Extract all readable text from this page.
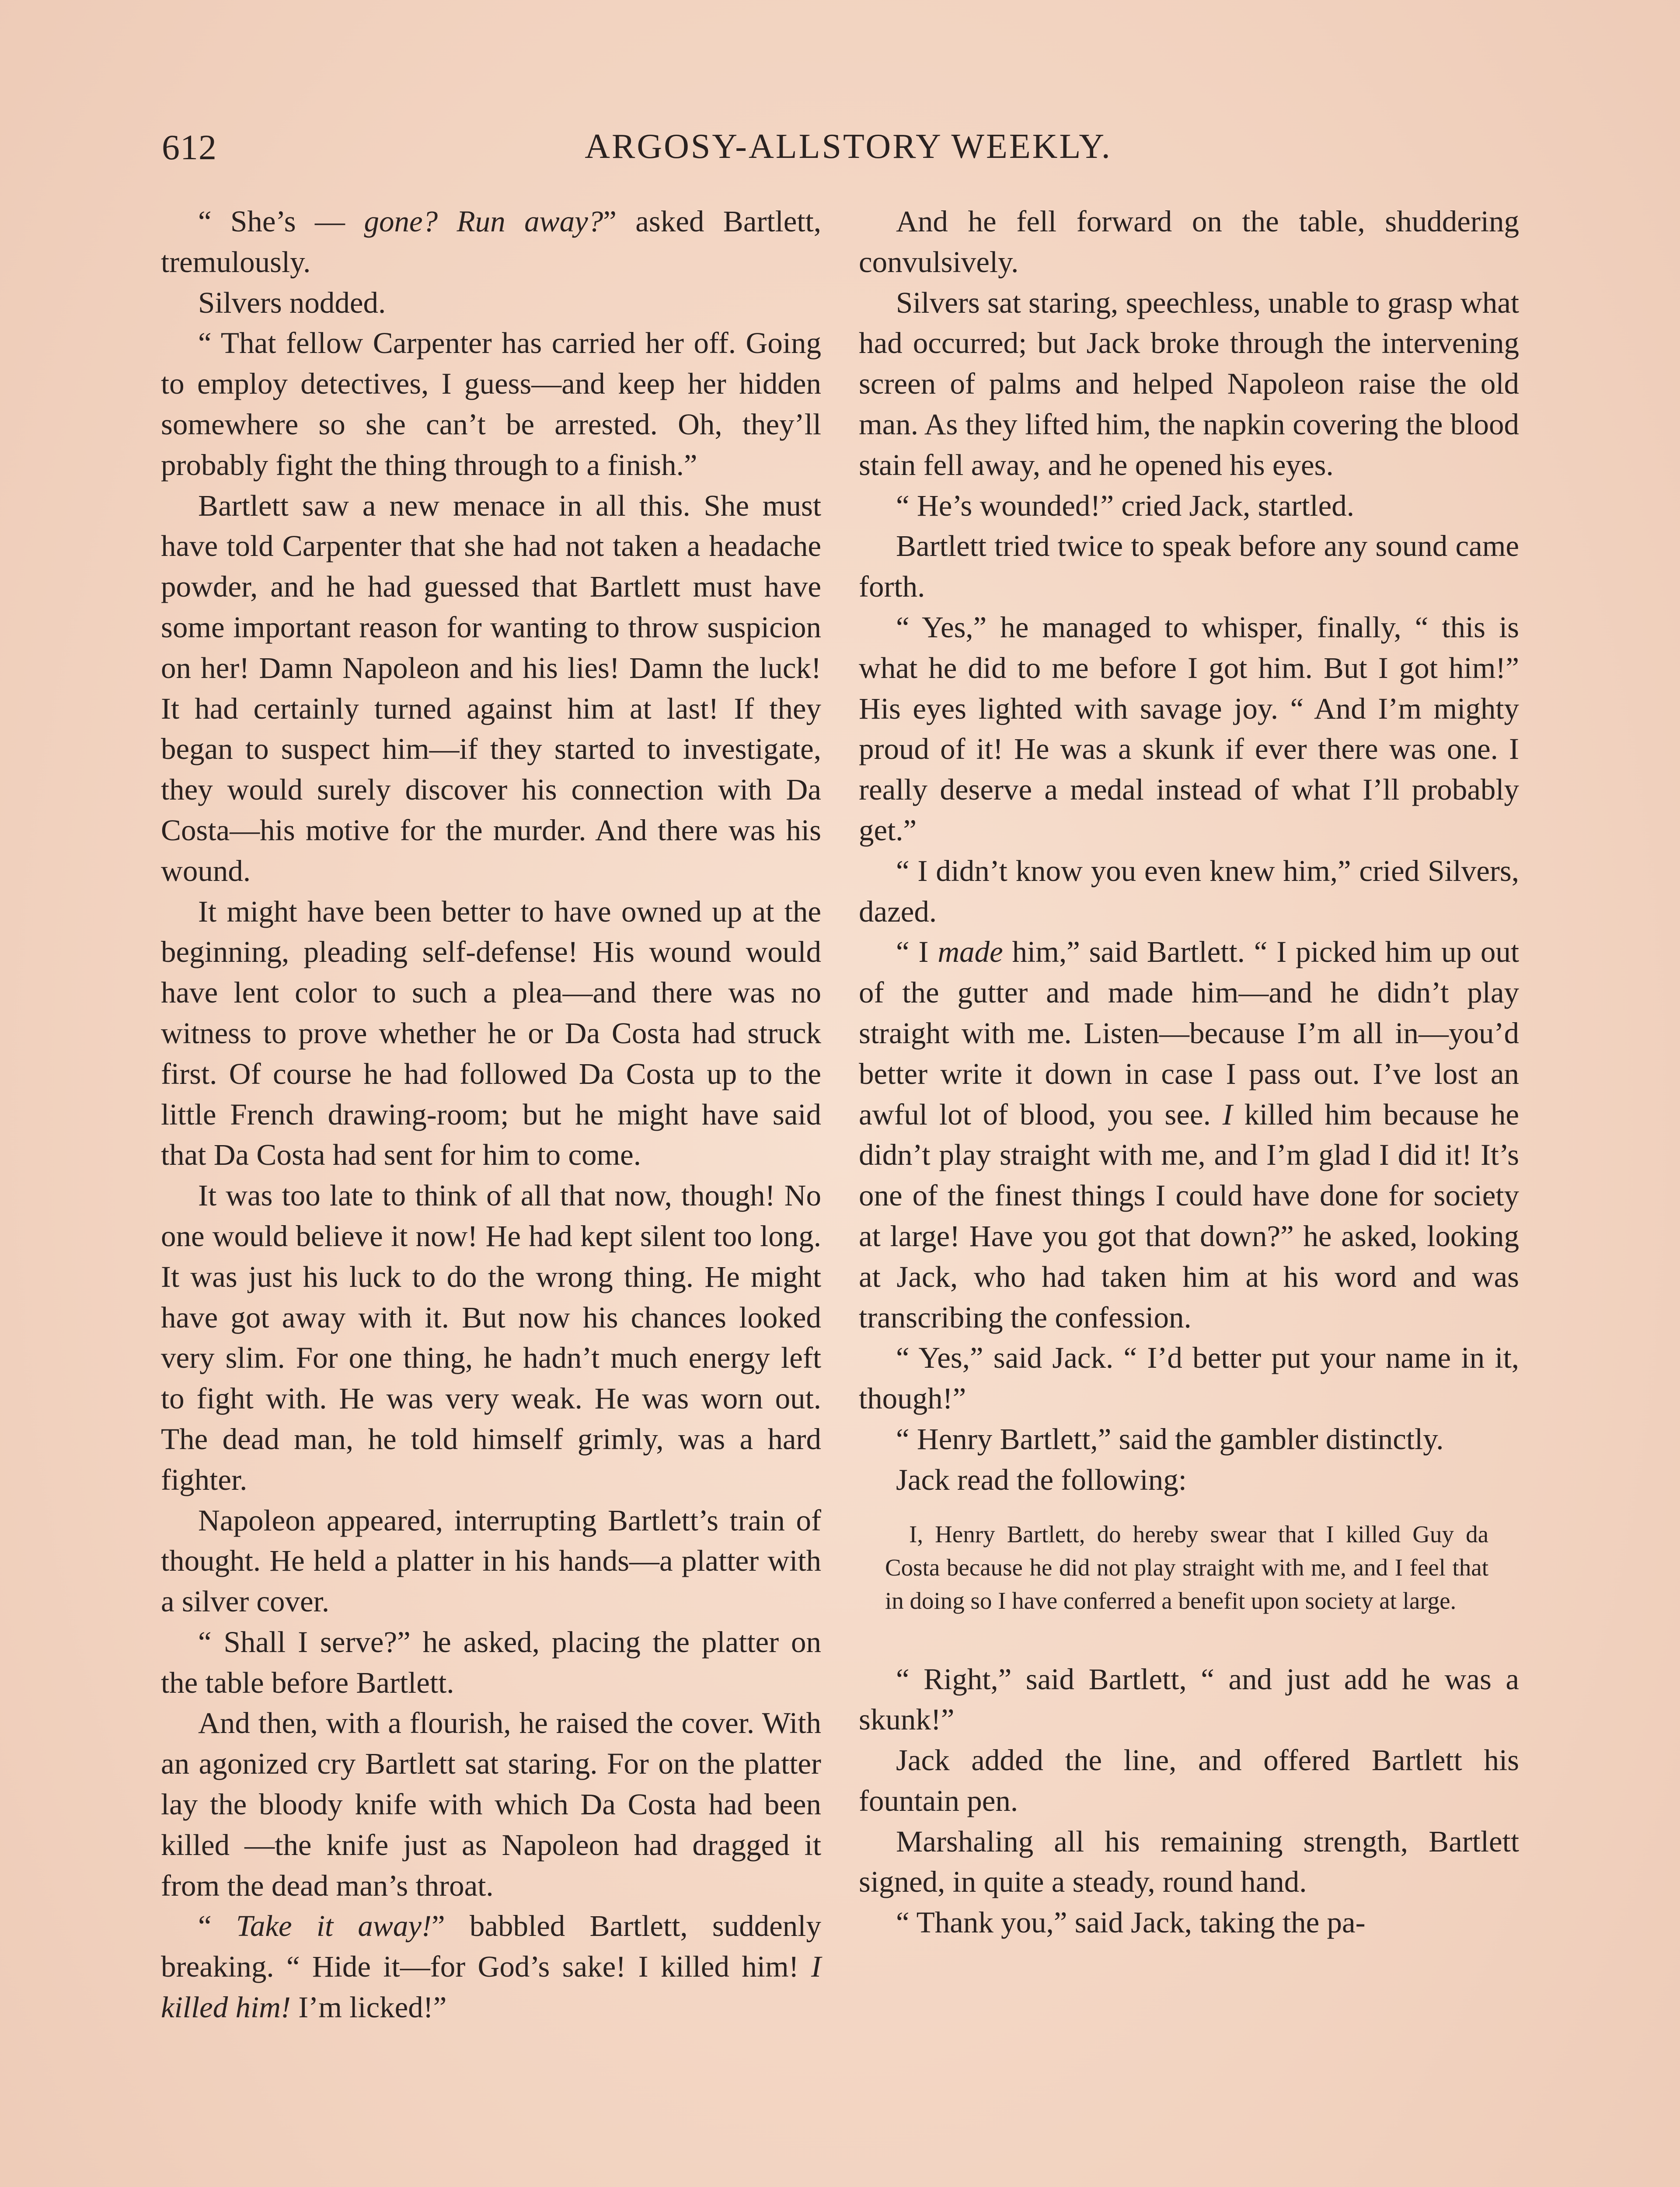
612	ARGOSY-ALLSTORY WEEKLY.

“ She’s — gone? Run away?” asked Bartlett, tremulously.

Silvers nodded.

“ That fellow Carpenter has carried her off. Going to employ detectives, I guess—and keep her hidden somewhere so she can’t be arrested. Oh, they’ll probably fight the thing through to a finish.”

Bartlett saw a new menace in all this. She must have told Carpenter that she had not taken a headache powder, and he had guessed that Bartlett must have some important reason for wanting to throw suspicion on her! Damn Napoleon and his lies! Damn the luck! It had certainly turned against him at last! If they began to suspect him—if they started to investigate, they would surely discover his connection with Da Costa—his motive for the murder. And there was his wound.

It might have been better to have owned up at the beginning, pleading self-defense! His wound would have lent color to such a plea—and there was no witness to prove whether he or Da Costa had struck first. Of course he had followed Da Costa up to the little French drawing-room; but he might have said that Da Costa had sent for him to come.

It was too late to think of all that now, though! No one would believe it now! He had kept silent too long. It was just his luck to do the wrong thing. He might have got away with it. But now his chances looked very slim. For one thing, he hadn’t much energy left to fight with. He was very weak. He was worn out. The dead man, he told himself grimly, was a hard fighter.

Napoleon appeared, interrupting Bartlett’s train of thought. He held a platter in his hands—a platter with a silver cover.

“ Shall I serve?” he asked, placing the platter on the table before Bartlett.

And then, with a flourish, he raised the cover. With an agonized cry Bartlett sat staring. For on the platter lay the bloody knife with which Da Costa had been killed —the knife just as Napoleon had dragged it from the dead man’s throat.

“ Take it away!” babbled Bartlett, suddenly breaking. “ Hide it—for God’s sake! I killed him! I killed him! I’m licked!”

And he fell forward on the table, shuddering convulsively.

Silvers sat staring, speechless, unable to grasp what had occurred; but Jack broke through the intervening screen of palms and helped Napoleon raise the old man. As they lifted him, the napkin covering the blood stain fell away, and he opened his eyes.

“ He’s wounded!” cried Jack, startled.

Bartlett tried twice to speak before any sound came forth.

“ Yes,” he managed to whisper, finally, “ this is what he did to me before I got him. But I got him!” His eyes lighted with savage joy. “ And I’m mighty proud of it! He was a skunk if ever there was one. I really deserve a medal instead of what I’ll probably get.”

“ I didn’t know you even knew him,” cried Silvers, dazed.

“ I made him,” said Bartlett. “ I picked him up out of the gutter and made him—and he didn’t play straight with me. Listen—because I’m all in—you’d better write it down in case I pass out. I’ve lost an awful lot of blood, you see. I killed him because he didn’t play straight with me, and I’m glad I did it! It’s one of the finest things I could have done for society at large! Have you got that down?” he asked, looking at Jack, who had taken him at his word and was transcribing the confession.

“ Yes,” said Jack. “ I’d better put your name in it, though!”

“ Henry Bartlett,” said the gambler distinctly.

Jack read the following:

I, Henry Bartlett, do hereby swear that I killed Guy da Costa because he did not play straight with me, and I feel that in doing so I have conferred a benefit upon society at large.

“ Right,” said Bartlett, “ and just add he was a skunk!”

Jack added the line, and offered Bartlett his fountain pen.

Marshaling all his remaining strength, Bartlett signed, in quite a steady, round hand.

“ Thank you,” said Jack, taking the pa-
